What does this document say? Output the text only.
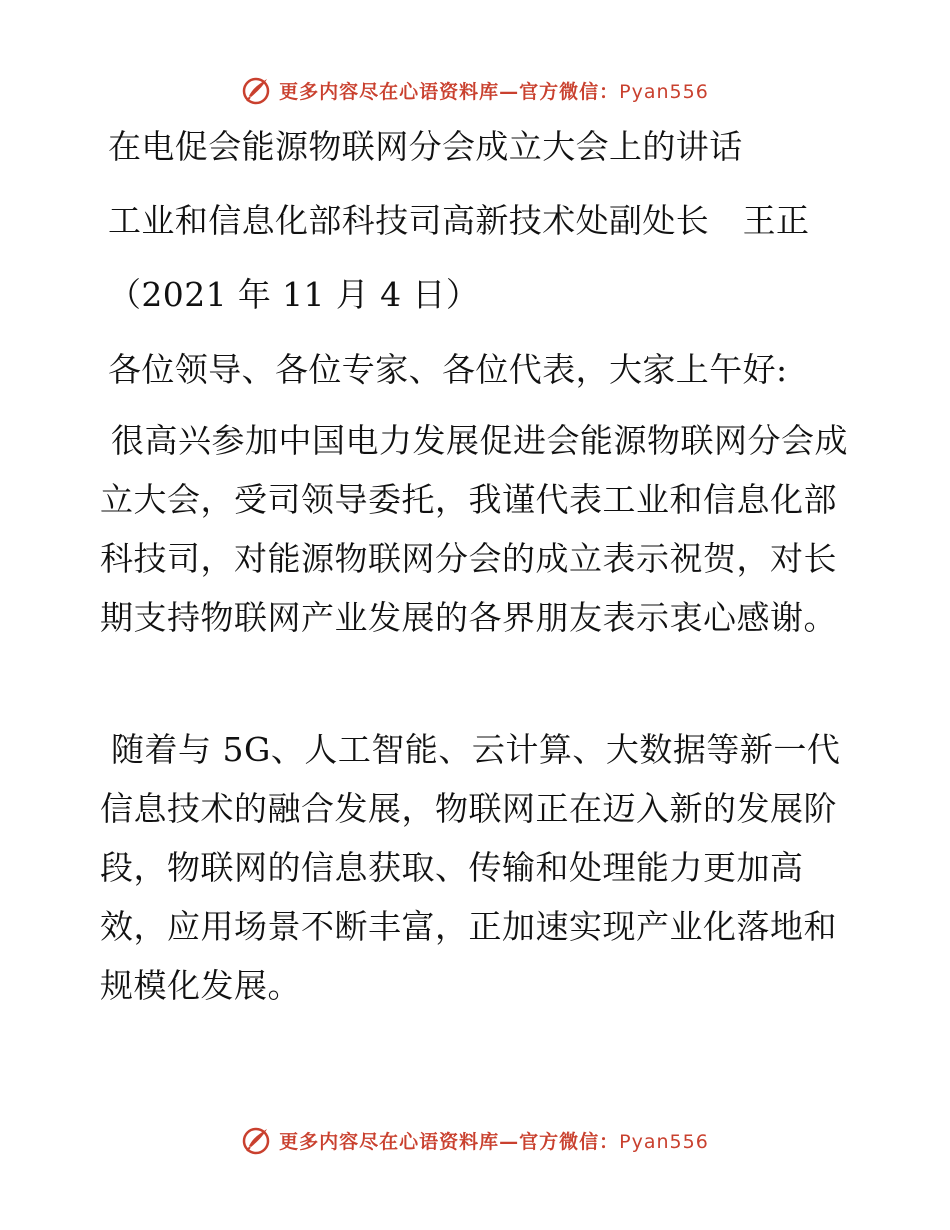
更多内容尽在心语资料库—官方微信：Pyan556
在电促会能源物联网分会成立大会上的讲话
工业和信息化部科技司高新技术处副处长　王正
（2021 年 11 月 4 日）
各位领导、各位专家、各位代表，大家上午好:

很高兴参加中国电力发展促进会能源物联网分会成立大会，受司领导委托，我谨代表工业和信息化部科技司，对能源物联网分会的成立表示祝贺，对长期支持物联网产业发展的各界朋友表示衷心感谢。

随着与 5G、人工智能、云计算、大数据等新一代信息技术的融合发展，物联网正在迈入新的发展阶段，物联网的信息获取、传输和处理能力更加高效，应用场景不断丰富，正加速实现产业化落地和规模化发展。

更多内容尽在心语资料库—官方微信：Pyan556
